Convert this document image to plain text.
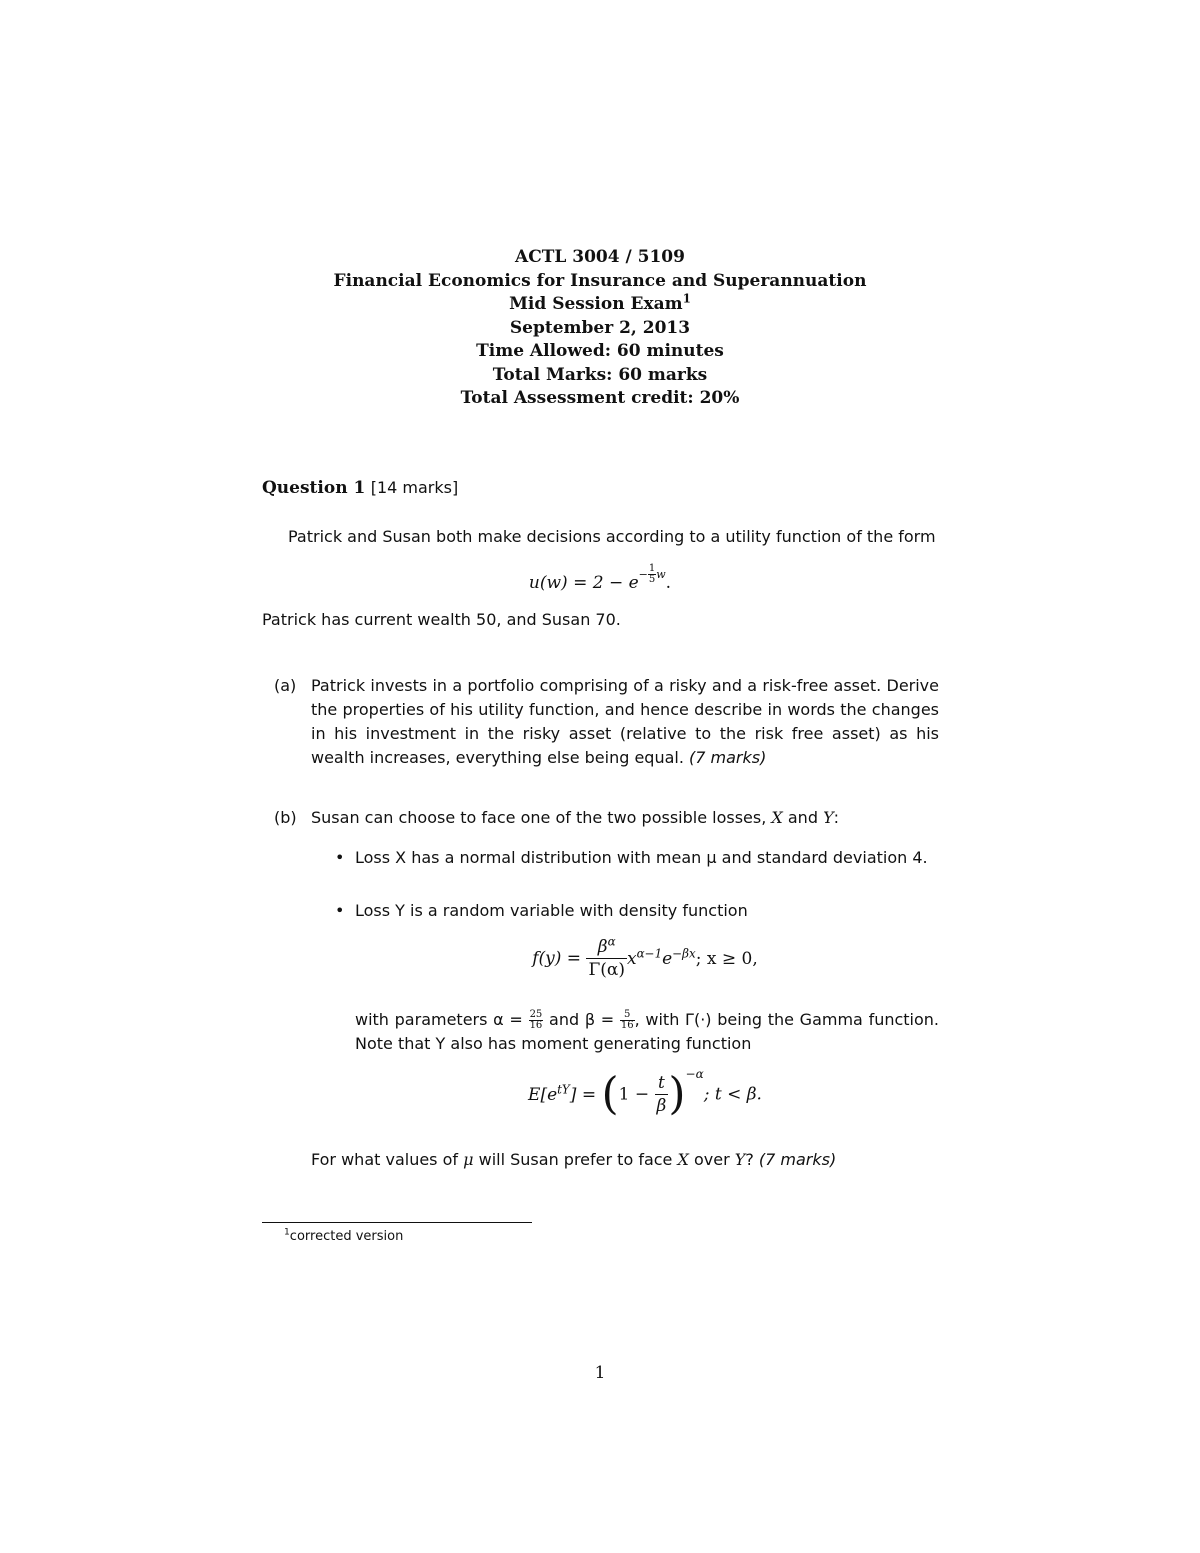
ACTL 3004 / 5109
Financial Economics for Insurance and Superannuation
Mid Session Exam$^1$
September 2, 2013
Time Allowed: 60 minutes
Total Marks: 60 marks
Total Assessment credit: 20%
Question 1 [14 marks]
Patrick and Susan both make decisions according to a utility function of the form
$u(w) = 2 - e^{- \frac{1}{5} w}$.
Patrick has current wealth 50, and Susan 70.
(a) Patrick invests in a portfolio comprising of a risky and a risk-free asset. Derive the properties of his utility function, and hence describe in words the changes in his investment in the risky asset (relative to the risk free asset) as his wealth increases, everything else being equal. (7 marks)
(b) Susan can choose to face one of the two possible losses, X and Y:
• Loss X has a normal distribution with mean μ and standard deviation 4.
• Loss Y is a random variable with density function
$f(y) = \frac{\beta^\alpha}{\Gamma(\alpha)} x^{\alpha-1}e^{-\beta x}$; x ≥ 0,
with parameters $\alpha = \frac{25}{16}$ and $\beta = \frac{5}{16}$ , with Γ(·) being the Gamma function. Note that Y also has moment generating function
$E[e^{tY}] = (1 - \frac{t}{\beta} )^{-\alpha}$; t < β.
For what values of μ will Susan prefer to face X over Y? (7 marks)
$^1$corrected version
1
